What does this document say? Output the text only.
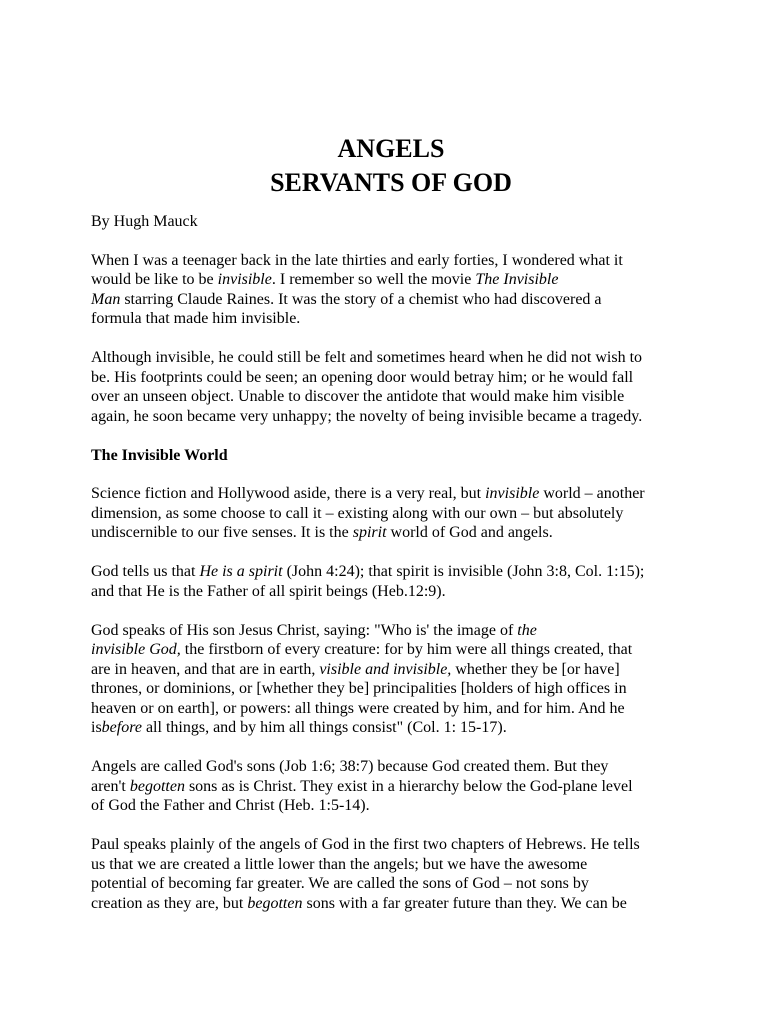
ANGELS
SERVANTS OF GOD
By Hugh Mauck
When I was a teenager back in the late thirties and early forties, I wondered what it
would be like to be invisible. I remember so well the movie The Invisible
Man starring Claude Raines. It was the story of a chemist who had discovered a
formula that made him invisible.
Although invisible, he could still be felt and sometimes heard when he did not wish to
be. His footprints could be seen; an opening door would betray him; or he would fall
over an unseen object. Unable to discover the antidote that would make him visible
again, he soon became very unhappy; the novelty of being invisible became a tragedy.
The Invisible World
Science fiction and Hollywood aside, there is a very real, but invisible world – another
dimension, as some choose to call it – existing along with our own – but absolutely
undiscernible to our five senses. It is the spirit world of God and angels.
God tells us that He is a spirit (John 4:24); that spirit is invisible (John 3:8, Col. 1:15);
and that He is the Father of all spirit beings (Heb.12:9).
God speaks of His son Jesus Christ, saying: "Who is' the image of the
invisible God, the firstborn of every creature: for by him were all things created, that
are in heaven, and that are in earth, visible and invisible, whether they be [or have]
thrones, or dominions, or [whether they be] principalities [holders of high offices in
heaven or on earth], or powers: all things were created by him, and for him. And he
isbefore all things, and by him all things consist" (Col. 1: 15-17).
Angels are called God's sons (Job 1:6; 38:7) because God created them. But they
aren't begotten sons as is Christ. They exist in a hierarchy below the God-plane level
of God the Father and Christ (Heb. 1:5-14).
Paul speaks plainly of the angels of God in the first two chapters of Hebrews. He tells
us that we are created a little lower than the angels; but we have the awesome
potential of becoming far greater. We are called the sons of God – not sons by
creation as they are, but begotten sons with a far greater future than they. We can be
